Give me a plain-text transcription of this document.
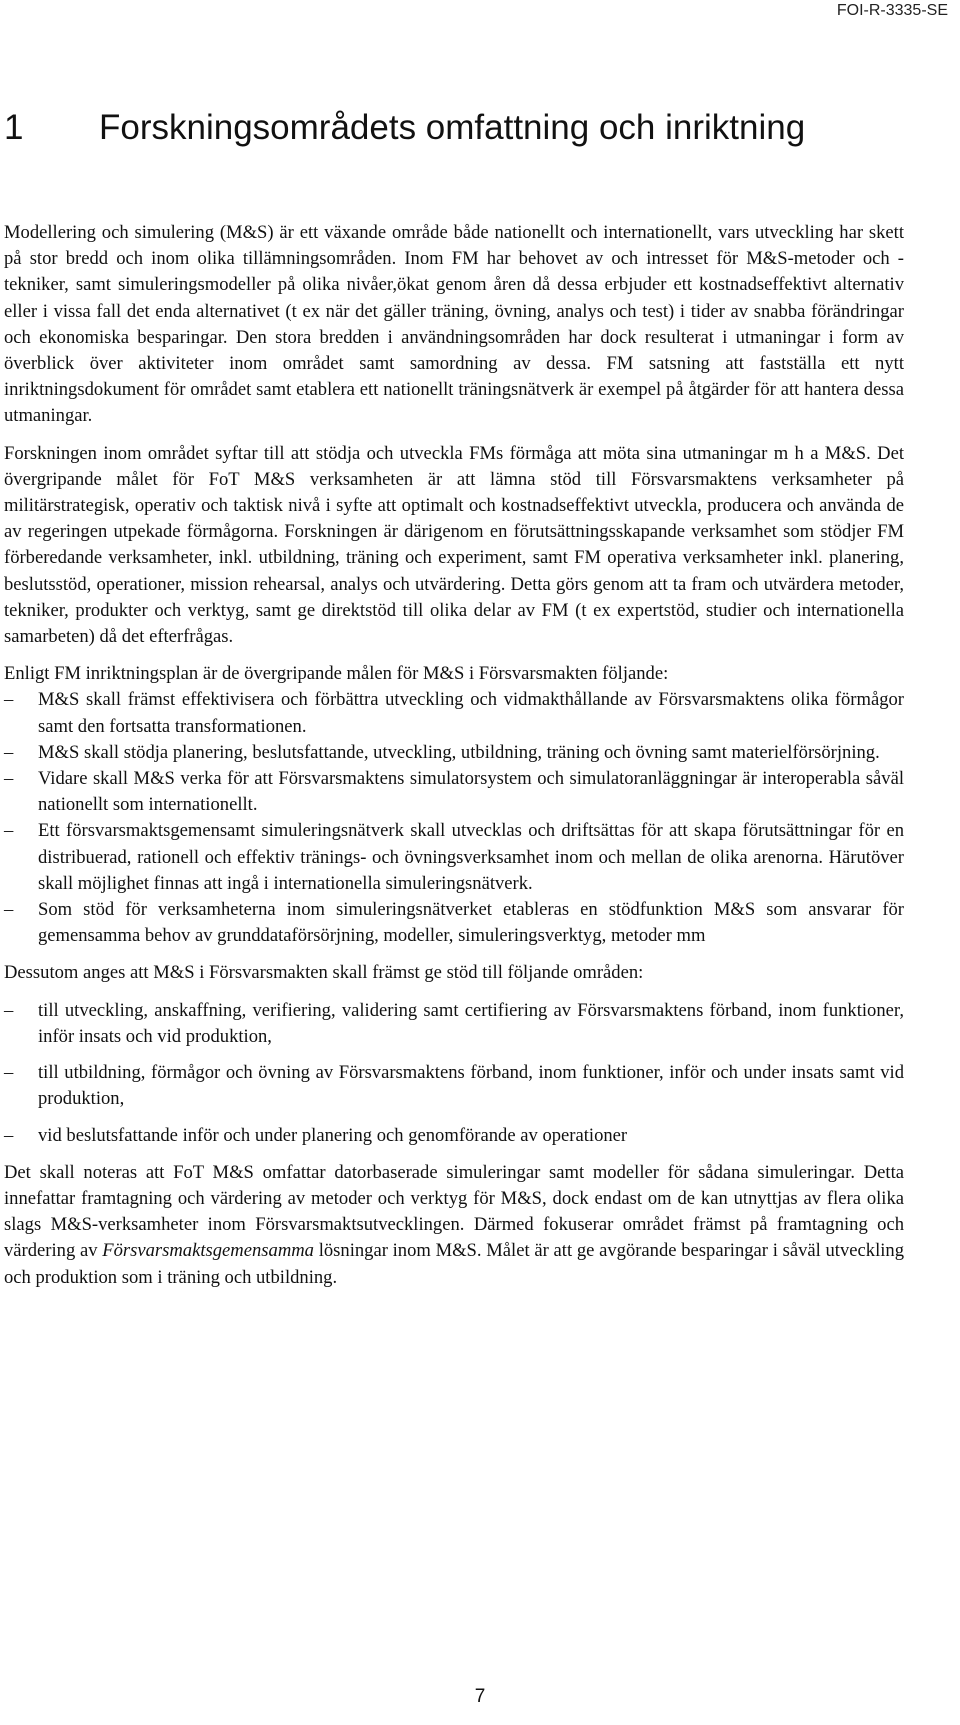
FOI-R-3335-SE
1	Forskningsområdets omfattning och inriktning

Modellering och simulering (M&S) är ett växande område både nationellt och internationellt, vars utveckling har skett på stor bredd och inom olika tillämningsområden. Inom FM har behovet av och intresset för M&S-metoder och -tekniker, samt simuleringsmodeller på olika nivåer,ökat genom åren då dessa erbjuder ett kostnadseffektivt alternativ eller i vissa fall det enda alternativet (t ex när det gäller träning, övning, analys och test) i tider av snabba förändringar och ekonomiska besparingar. Den stora bredden i användningsområden har dock resulterat i utmaningar i form av överblick över aktiviteter inom området samt samordning av dessa. FM satsning att fastställa ett nytt inriktningsdokument för området samt etablera ett nationellt träningsnätverk är exempel på åtgärder för att hantera dessa utmaningar.

Forskningen inom området syftar till att stödja och utveckla FMs förmåga att möta sina utmaningar m h a M&S. Det övergripande målet för FoT M&S verksamheten är att lämna stöd till Försvarsmaktens verksamheter på militärstrategisk, operativ och taktisk nivå i syfte att optimalt och kostnadseffektivt utveckla, producera och använda de av regeringen utpekade förmågorna. Forskningen är därigenom en förutsättningsskapande verksamhet som stödjer FM förberedande verksamheter, inkl. utbildning, träning och experiment, samt FM operativa verksamheter inkl. planering, beslutsstöd, operationer, mission rehearsal, analys och utvärdering. Detta görs genom att ta fram och utvärdera metoder, tekniker, produkter och verktyg, samt ge direktstöd till olika delar av FM (t ex expertstöd, studier och internationella samarbeten) då det efterfrågas.

Enligt FM inriktningsplan är de övergripande målen för M&S i Försvarsmakten följande:

–	M&S skall främst effektivisera och förbättra utveckling och vidmakthållande av Försvarsmaktens olika förmågor samt den fortsatta transformationen.
–	M&S skall stödja planering, beslutsfattande, utveckling, utbildning, träning och övning samt materielförsörjning.
–	Vidare skall M&S verka för att Försvarsmaktens simulatorsystem och simulatoranläggningar är interoperabla såväl nationellt som internationellt.
–	Ett försvarsmaktsgemensamt simuleringsnätverk skall utvecklas och driftsättas för att skapa förutsättningar för en distribuerad, rationell och effektiv tränings- och övningsverksamhet inom och mellan de olika arenorna. Härutöver skall möjlighet finnas att ingå i internationella simuleringsnätverk.
–	Som stöd för verksamheterna inom simuleringsnätverket etableras en stödfunktion M&S som ansvarar för gemensamma behov av grunddataförsörjning, modeller, simuleringsverktyg, metoder mm

Dessutom anges att M&S i Försvarsmakten skall främst ge stöd till följande områden:

–	till utveckling, anskaffning, verifiering, validering samt certifiering av Försvarsmaktens förband, inom funktioner, inför insats och vid produktion,
–	till utbildning, förmågor och övning av Försvarsmaktens förband, inom funktioner, inför och under insats samt vid produktion,
–	vid beslutsfattande inför och under planering och genomförande av operationer

Det skall noteras att FoT M&S omfattar datorbaserade simuleringar samt modeller för sådana simuleringar. Detta innefattar framtagning och värdering av metoder och verktyg för M&S, dock endast om de kan utnyttjas av flera olika slags M&S-verksamheter inom Försvarsmaktsutvecklingen. Därmed fokuserar området främst på framtagning och värdering av Försvarsmaktsgemensamma lösningar inom M&S. Målet är att ge avgörande besparingar i såväl utveckling och produktion som i träning och utbildning.

7
